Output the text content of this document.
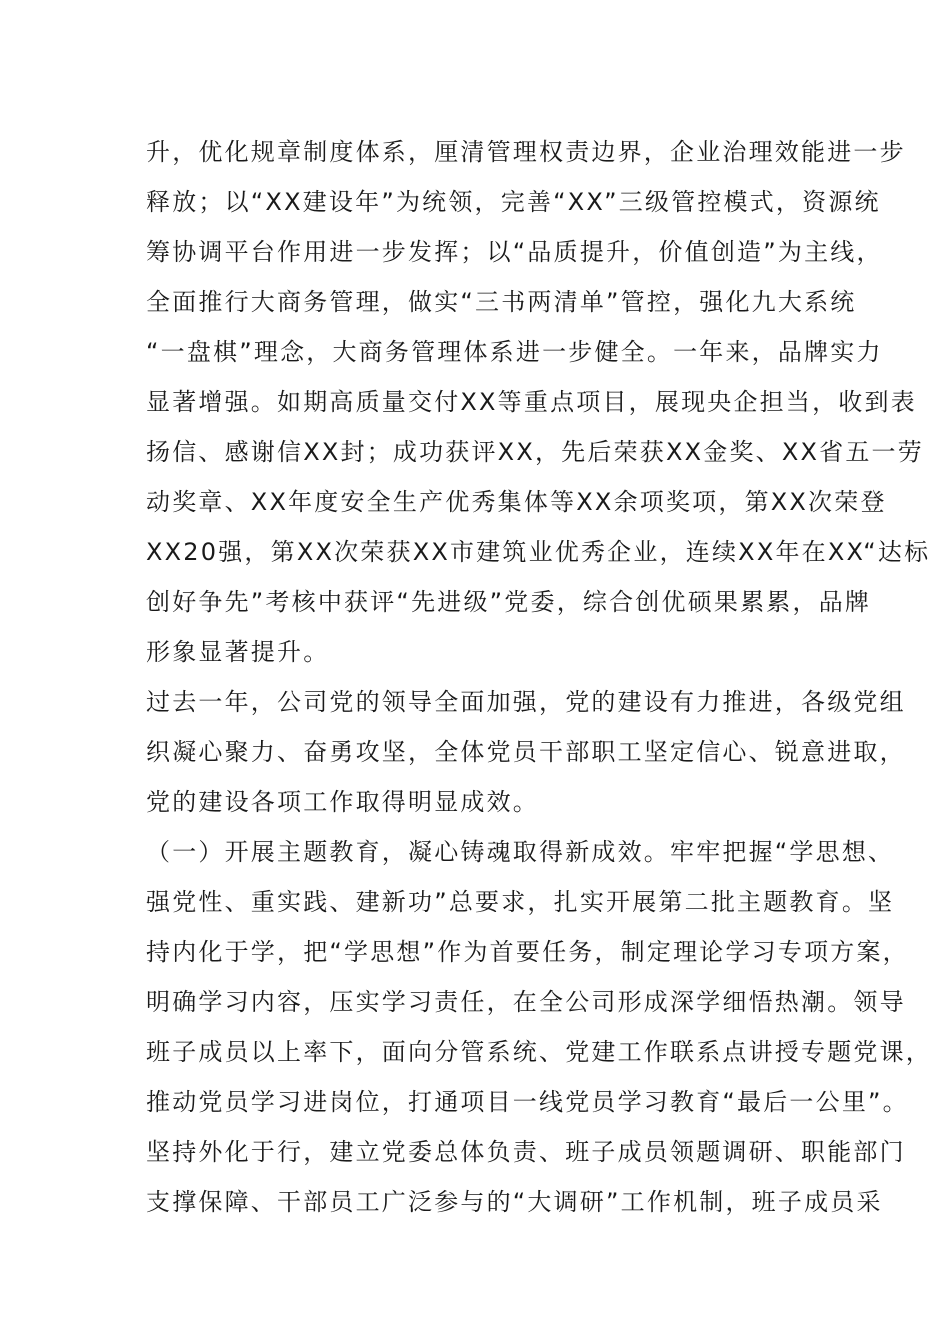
升，优化规章制度体系，厘清管理权责边界，企业治理效能进一步
释放；以“XX建设年”为统领，完善“XX”三级管控模式，资源统
筹协调平台作用进一步发挥；以“品质提升，价值创造”为主线，
全面推行大商务管理，做实“三书两清单”管控，强化九大系统
“一盘棋”理念，大商务管理体系进一步健全。一年来，品牌实力
显著增强。如期高质量交付XX等重点项目，展现央企担当，收到表
扬信、感谢信XX封；成功获评XX，先后荣获XX金奖、XX省五一劳
动奖章、XX年度安全生产优秀集体等XX余项奖项，第XX次荣登
XX20强，第XX次荣获XX市建筑业优秀企业，连续XX年在XX“达标
创好争先”考核中获评“先进级”党委，综合创优硕果累累，品牌
形象显著提升。
过去一年，公司党的领导全面加强，党的建设有力推进，各级党组
织凝心聚力、奋勇攻坚，全体党员干部职工坚定信心、锐意进取，
党的建设各项工作取得明显成效。
（一）开展主题教育，凝心铸魂取得新成效。牢牢把握“学思想、
强党性、重实践、建新功”总要求，扎实开展第二批主题教育。坚
持内化于学，把“学思想”作为首要任务，制定理论学习专项方案，
明确学习内容，压实学习责任，在全公司形成深学细悟热潮。领导
班子成员以上率下，面向分管系统、党建工作联系点讲授专题党课，
推动党员学习进岗位，打通项目一线党员学习教育“最后一公里”。
坚持外化于行，建立党委总体负责、班子成员领题调研、职能部门
支撑保障、干部员工广泛参与的“大调研”工作机制，班子成员采
